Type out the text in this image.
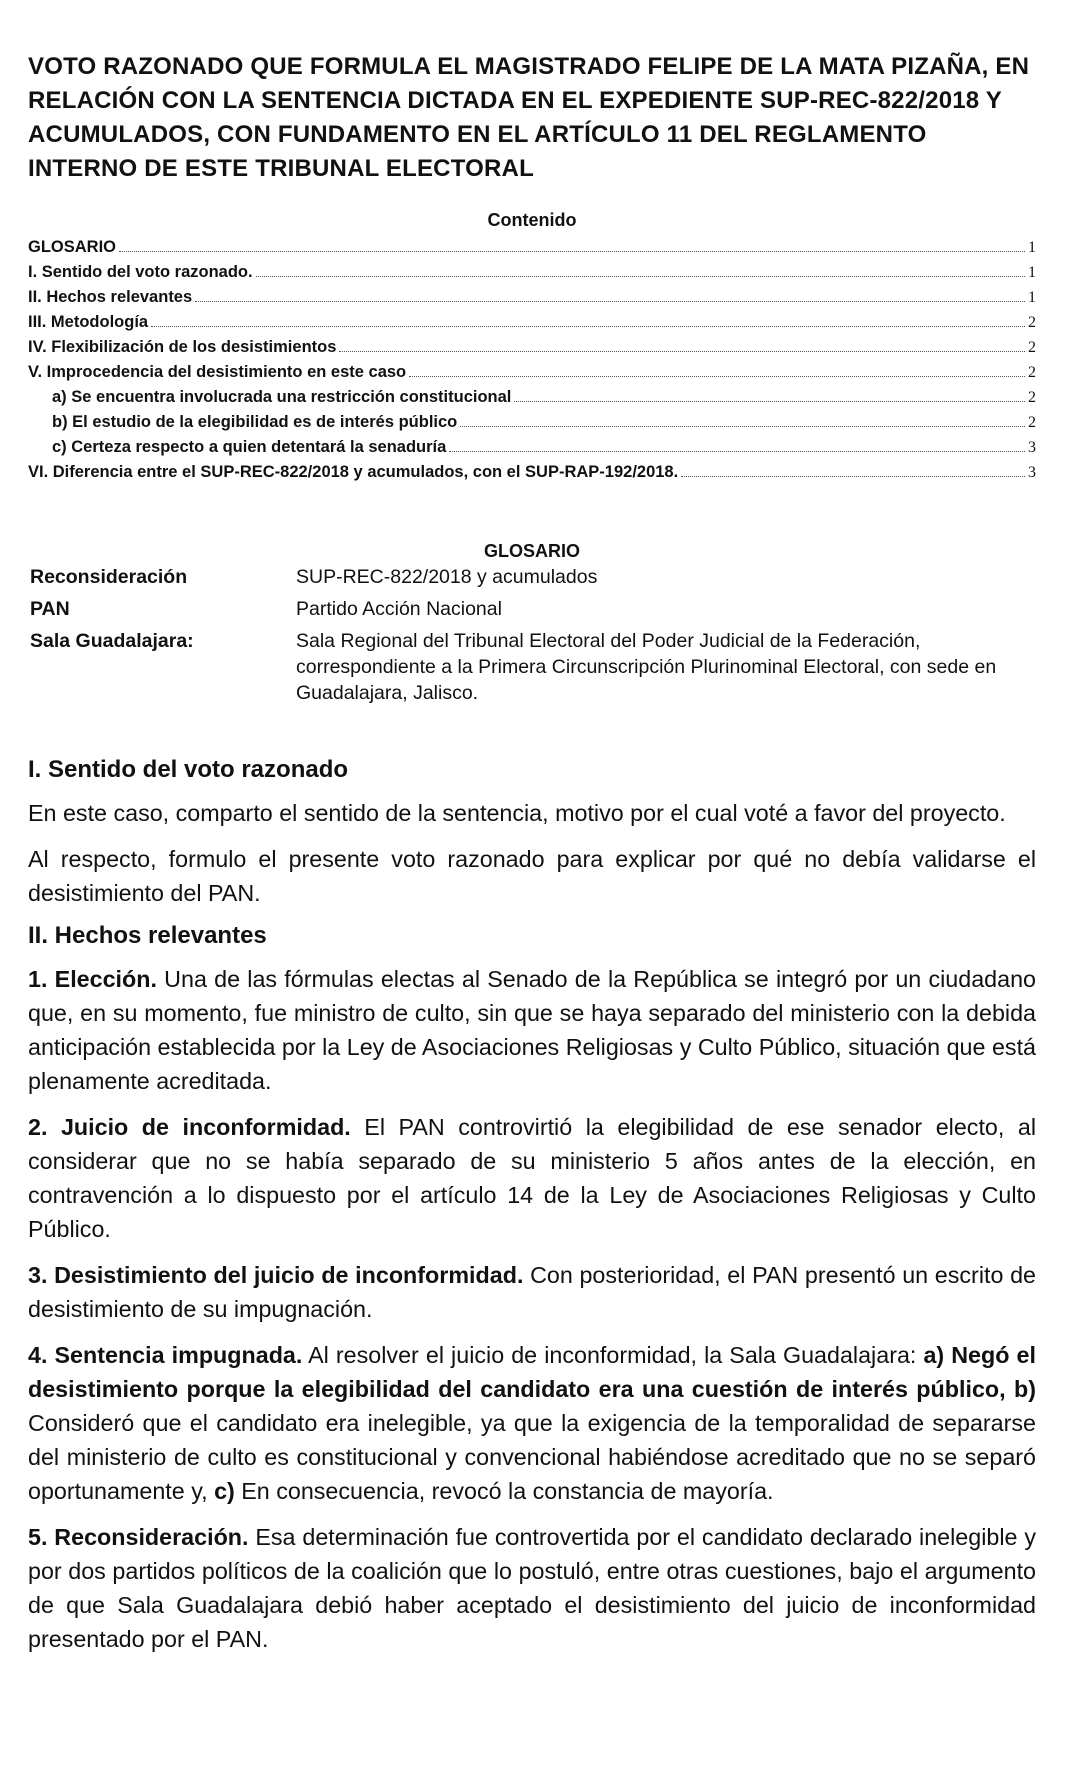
VOTO RAZONADO QUE FORMULA EL MAGISTRADO FELIPE DE LA MATA PIZAÑA, EN RELACIÓN CON LA SENTENCIA DICTADA EN EL EXPEDIENTE SUP-REC-822/2018 Y ACUMULADOS, CON FUNDAMENTO EN EL ARTÍCULO 11 DEL REGLAMENTO INTERNO DE ESTE TRIBUNAL ELECTORAL
Contenido
GLOSARIO	1
I. Sentido del voto razonado.	1
II. Hechos relevantes	1
III. Metodología	2
IV. Flexibilización de los desistimientos	2
V. Improcedencia del desistimiento en este caso	2
a) Se encuentra involucrada una restricción constitucional	2
b) El estudio de la elegibilidad es de interés público	2
c) Certeza respecto a quien detentará la senaduría	3
VI. Diferencia entre el SUP-REC-822/2018 y acumulados, con el SUP-RAP-192/2018.	3
GLOSARIO
Reconsideración	SUP-REC-822/2018 y acumulados
PAN	Partido Acción Nacional
Sala Guadalajara:	Sala Regional del Tribunal Electoral del Poder Judicial de la Federación, correspondiente a la Primera Circunscripción Plurinominal Electoral, con sede en Guadalajara, Jalisco.
I. Sentido del voto razonado

En este caso, comparto el sentido de la sentencia, motivo por el cual voté a favor del proyecto.

Al respecto, formulo el presente voto razonado para explicar por qué no debía validarse el desistimiento del PAN.

II. Hechos relevantes

1. Elección. Una de las fórmulas electas al Senado de la República se integró por un ciudadano que, en su momento, fue ministro de culto, sin que se haya separado del ministerio con la debida anticipación establecida por la Ley de Asociaciones Religiosas y Culto Público, situación que está plenamente acreditada.

2. Juicio de inconformidad. El PAN controvirtió la elegibilidad de ese senador electo, al considerar que no se había separado de su ministerio 5 años antes de la elección, en contravención a lo dispuesto por el artículo 14 de la Ley de Asociaciones Religiosas y Culto Público.

3. Desistimiento del juicio de inconformidad. Con posterioridad, el PAN presentó un escrito de desistimiento de su impugnación.

4. Sentencia impugnada. Al resolver el juicio de inconformidad, la Sala Guadalajara: a) Negó el desistimiento porque la elegibilidad del candidato era una cuestión de interés público, b) Consideró que el candidato era inelegible, ya que la exigencia de la temporalidad de separarse del ministerio de culto es constitucional y convencional habiéndose acreditado que no se separó oportunamente y, c) En consecuencia, revocó la constancia de mayoría.

5. Reconsideración. Esa determinación fue controvertida por el candidato declarado inelegible y por dos partidos políticos de la coalición que lo postuló, entre otras cuestiones, bajo el argumento de que Sala Guadalajara debió haber aceptado el desistimiento del juicio de inconformidad presentado por el PAN.
